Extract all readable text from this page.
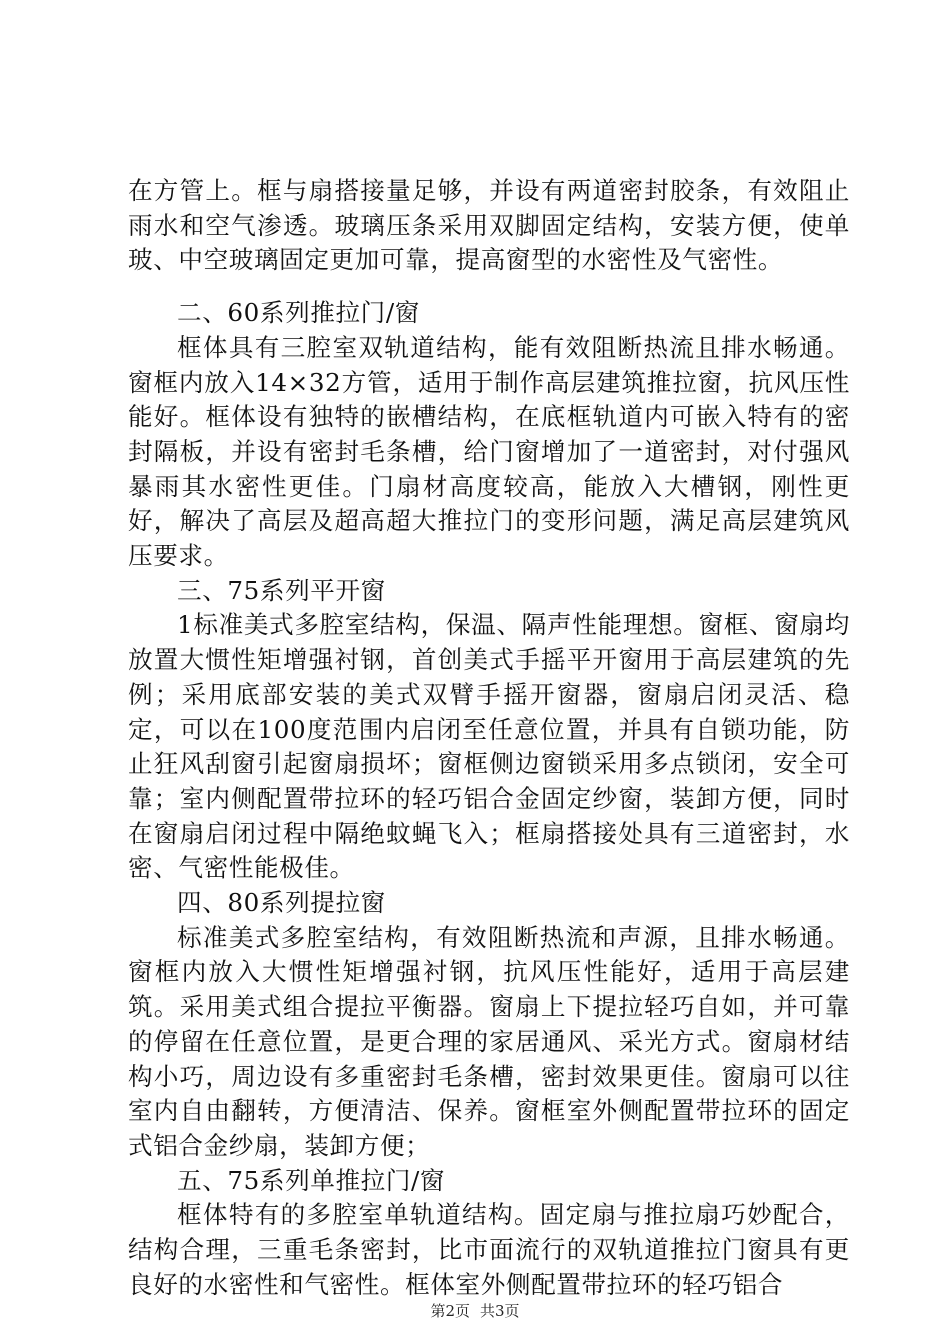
在方管上。框与扇搭接量足够，并设有两道密封胶条，有效阻止雨水和空气渗透。玻璃压条采用双脚固定结构，安装方便，使单玻、中空玻璃固定更加可靠，提高窗型的水密性及气密性。

二、60系列推拉门/窗

框体具有三腔室双轨道结构，能有效阻断热流且排水畅通。窗框内放入14×32方管，适用于制作高层建筑推拉窗，抗风压性能好。框体设有独特的嵌槽结构，在底框轨道内可嵌入特有的密封隔板，并设有密封毛条槽，给门窗增加了一道密封，对付强风暴雨其水密性更佳。门扇材高度较高，能放入大槽钢，刚性更好，解决了高层及超高超大推拉门的变形问题，满足高层建筑风压要求。

三、75系列平开窗

1标准美式多腔室结构，保温、隔声性能理想。窗框、窗扇均放置大惯性矩增强衬钢，首创美式手摇平开窗用于高层建筑的先例；采用底部安装的美式双臂手摇开窗器，窗扇启闭灵活、稳定，可以在100度范围内启闭至任意位置，并具有自锁功能，防止狂风刮窗引起窗扇损坏；窗框侧边窗锁采用多点锁闭，安全可靠；室内侧配置带拉环的轻巧铝合金固定纱窗，装卸方便，同时在窗扇启闭过程中隔绝蚊蝇飞入；框扇搭接处具有三道密封，水密、气密性能极佳。

四、80系列提拉窗

标准美式多腔室结构，有效阻断热流和声源，且排水畅通。窗框内放入大惯性矩增强衬钢，抗风压性能好，适用于高层建筑。采用美式组合提拉平衡器。窗扇上下提拉轻巧自如，并可靠的停留在任意位置，是更合理的家居通风、采光方式。窗扇材结构小巧，周边设有多重密封毛条槽，密封效果更佳。窗扇可以往室内自由翻转，方便清洁、保养。窗框室外侧配置带拉环的固定式铝合金纱扇，装卸方便；

五、75系列单推拉门/窗

框体特有的多腔室单轨道结构。固定扇与推拉扇巧妙配合，结构合理，三重毛条密封，比市面流行的双轨道推拉门窗具有更良好的水密性和气密性。框体室外侧配置带拉环的轻巧铝合

第2页 共3页
